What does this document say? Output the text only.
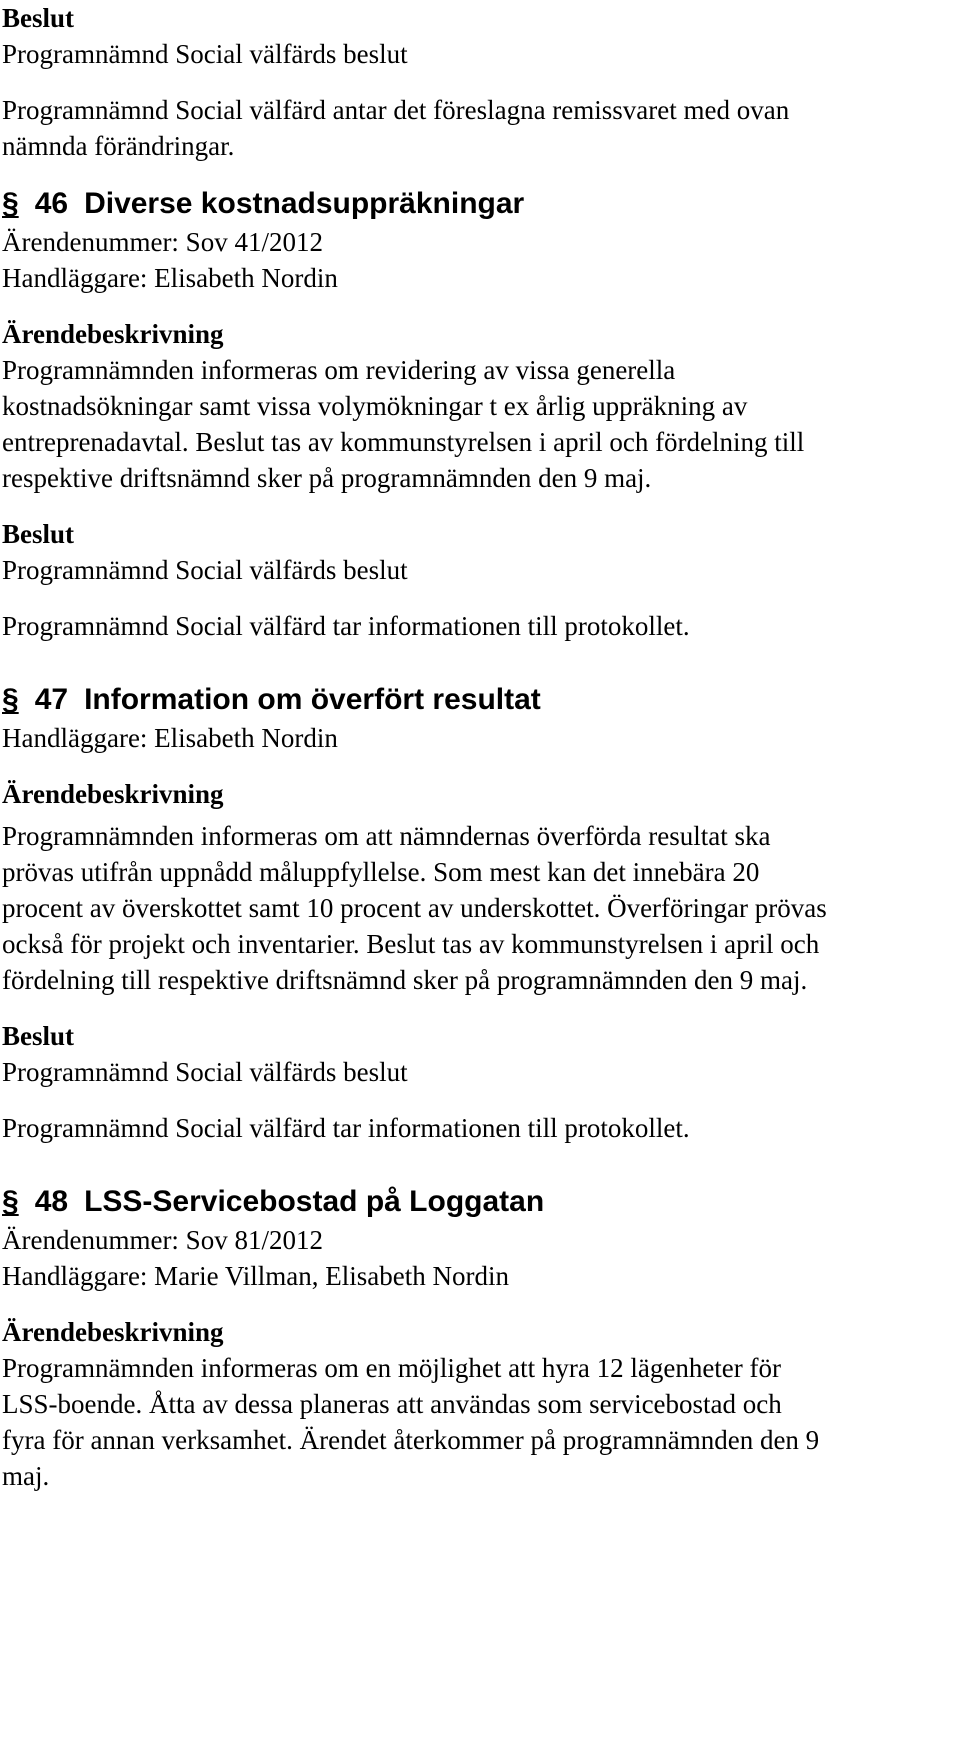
Beslut

Programnämnd Social välfärds beslut

Programnämnd Social välfärd antar det föreslagna remissvaret med ovan

nämnda förändringar.

§ 46 Diverse kostnadsuppräkningar

Ärendenummer: Sov 41/2012

Handläggare: Elisabeth Nordin

Ärendebeskrivning

Programnämnden informeras om revidering av vissa generella

kostnadsökningar samt vissa volymökningar t ex årlig uppräkning av

entreprenadavtal. Beslut tas av kommunstyrelsen i april och fördelning till

respektive driftsnämnd sker på programnämnden den 9 maj.

Beslut

Programnämnd Social välfärds beslut

Programnämnd Social välfärd tar informationen till protokollet.

§ 47 Information om överfört resultat

Handläggare: Elisabeth Nordin

Ärendebeskrivning

Programnämnden informeras om att nämndernas överförda resultat ska

prövas utifrån uppnådd måluppfyllelse. Som mest kan det innebära 20

procent av överskottet samt 10 procent av underskottet. Överföringar prövas

också för projekt och inventarier. Beslut tas av kommunstyrelsen i april och

fördelning till respektive driftsnämnd sker på programnämnden den 9 maj.

Beslut

Programnämnd Social välfärds beslut

Programnämnd Social välfärd tar informationen till protokollet.

§ 48 LSS-Servicebostad på Loggatan

Ärendenummer: Sov 81/2012

Handläggare: Marie Villman, Elisabeth Nordin

Ärendebeskrivning

Programnämnden informeras om en möjlighet att hyra 12 lägenheter för

LSS-boende. Åtta av dessa planeras att användas som servicebostad och

fyra för annan verksamhet. Ärendet återkommer på programnämnden den 9

maj.
